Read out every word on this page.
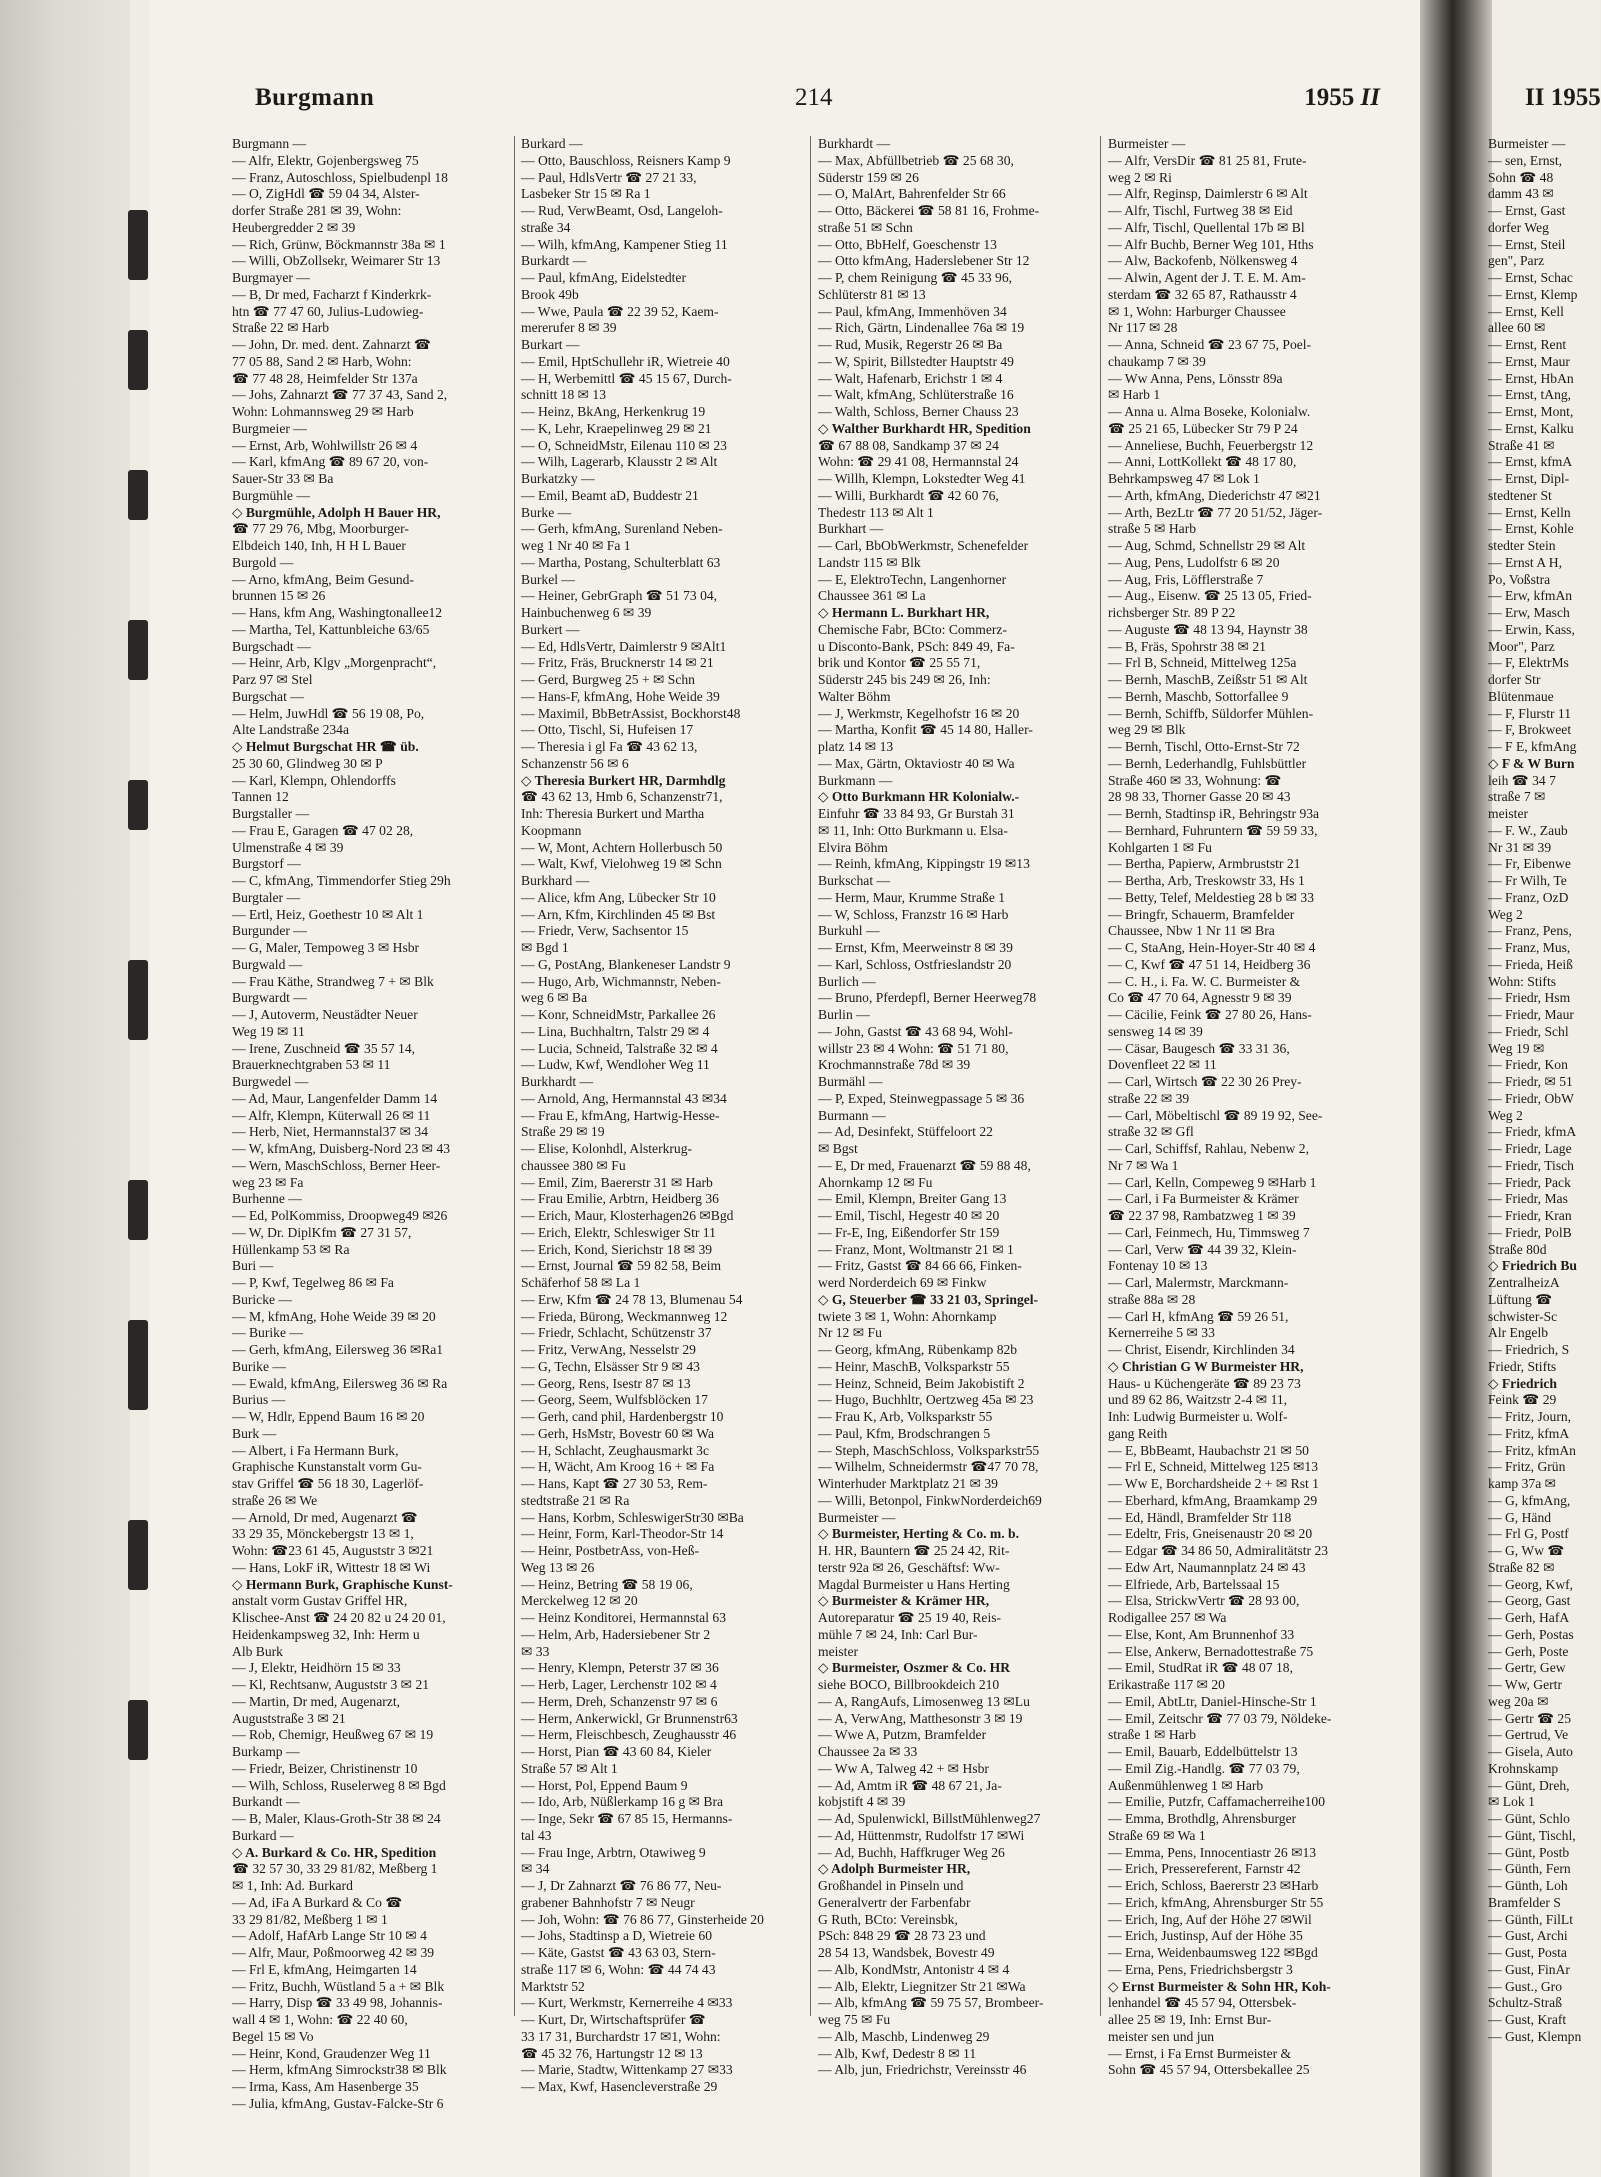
Burgmann	214	1955 II
Burgmann —
— Alfr, Elektr, Gojenbergsweg 75
— Franz, Autoschloss, Spielbudenpl 18
— O, ZigHdl ☎ 59 04 34, Alster-
dorfer Straße 281 ✉ 39, Wohn:
Heubergredder 2 ✉ 39
— Rich, Grünw, Böckmannstr 38a ✉ 1
— Willi, ObZollsekr, Weimarer Str 13
Burgmayer —
— B, Dr med, Facharzt f Kinderkrk-
htn ☎ 77 47 60, Julius-Ludowieg-
Straße 22 ✉ Harb
— John, Dr. med. dent. Zahnarzt ☎
77 05 88, Sand 2 ✉ Harb, Wohn:
☎ 77 48 28, Heimfelder Str 137a
— Johs, Zahnarzt ☎ 77 37 43, Sand 2,
Wohn: Lohmannsweg 29 ✉ Harb
Burgmeier —
— Ernst, Arb, Wohlwillstr 26 ✉ 4
— Karl, kfmAng ☎ 89 67 20, von-
Sauer-Str 33 ✉ Ba
Burgmühle —
◇ Burgmühle, Adolph H Bauer HR,
☎ 77 29 76, Mbg, Moorburger-
Elbdeich 140, Inh, H H L Bauer
Burgold —
— Arno, kfmAng, Beim Gesund-
brunnen 15 ✉ 26
— Hans, kfm Ang, Washingtonallee12
— Martha, Tel, Kattunbleiche 63/65
Burgschadt —
— Heinr, Arb, Klgv „Morgenpracht“,
Parz 97 ✉ Stel
Burgschat —
— Helm, JuwHdl ☎ 56 19 08, Po,
Alte Landstraße 234a
◇ Helmut Burgschat HR ☎ üb.
25 30 60, Glindweg 30 ✉ P
— Karl, Klempn, Ohlendorffs
Tannen 12
Burgstaller —
— Frau E, Garagen ☎ 47 02 28,
Ulmenstraße 4 ✉ 39
Burgstorf —
— C, kfmAng, Timmendorfer Stieg 29h
Burgtaler —
— Ertl, Heiz, Goethestr 10 ✉ Alt 1
Burgunder —
— G, Maler, Tempoweg 3 ✉ Hsbr
Burgwald —
— Frau Käthe, Strandweg 7 + ✉ Blk
Burgwardt —
— J, Autoverm, Neustädter Neuer
Weg 19 ✉ 11
— Irene, Zuschneid ☎ 35 57 14,
Brauerknechtgraben 53 ✉ 11
Burgwedel —
— Ad, Maur, Langenfelder Damm 14
— Alfr, Klempn, Küterwall 26 ✉ 11
— Herb, Niet, Hermannstal37 ✉ 34
— W, kfmAng, Duisberg-Nord 23 ✉ 43
— Wern, MaschSchloss, Berner Heer-
weg 23 ✉ Fa
Burhenne —
— Ed, PolKommiss, Droopweg49 ✉26
— W, Dr. DiplKfm ☎ 27 31 57,
Hüllenkamp 53 ✉ Ra
Buri —
— P, Kwf, Tegelweg 86 ✉ Fa
Buricke —
— M, kfmAng, Hohe Weide 39 ✉ 20
— Burike —
— Gerh, kfmAng, Eilersweg 36 ✉Ra1
Burike —
— Ewald, kfmAng, Eilersweg 36 ✉ Ra
Burius —
— W, Hdlr, Eppend Baum 16 ✉ 20
Burk —
— Albert, i Fa Hermann Burk,
Graphische Kunstanstalt vorm Gu-
stav Griffel ☎ 56 18 30, Lagerlöf-
straße 26 ✉ We
— Arnold, Dr med, Augenarzt ☎
33 29 35, Mönckebergstr 13 ✉ 1,
Wohn: ☎23 61 45, Auguststr 3 ✉21
— Hans, LokF iR, Wittestr 18 ✉ Wi
◇ Hermann Burk, Graphische Kunst-
anstalt vorm Gustav Griffel HR,
Klischee-Anst ☎ 24 20 82 u 24 20 01,
Heidenkampsweg 32, Inh: Herm u
Alb Burk
— J, Elektr, Heidhörn 15 ✉ 33
— Kl, Rechtsanw, Auguststr 3 ✉ 21
— Martin, Dr med, Augenarzt,
Auguststraße 3 ✉ 21
— Rob, Chemigr, Heußweg 67 ✉ 19
Burkamp —
— Friedr, Beizer, Christinenstr 10
— Wilh, Schloss, Ruselerweg 8 ✉ Bgd
Burkandt —
— B, Maler, Klaus-Groth-Str 38 ✉ 24
Burkard —
◇ A. Burkard & Co. HR, Spedition
☎ 32 57 30, 33 29 81/82, Meßberg 1
✉ 1, Inh: Ad. Burkard
— Ad, iFa A Burkard & Co ☎
33 29 81/82, Meßberg 1 ✉ 1
— Adolf, HafArb Lange Str 10 ✉ 4
— Alfr, Maur, Poßmoorweg 42 ✉ 39
— Frl E, kfmAng, Heimgarten 14
— Fritz, Buchh, Wüstland 5 a + ✉ Blk
— Harry, Disp ☎ 33 49 98, Johannis-
wall 4 ✉ 1, Wohn: ☎ 22 40 60,
Begel 15 ✉ Vo
— Heinr, Kond, Graudenzer Weg 11
— Herm, kfmAng Simrockstr38 ✉ Blk
— Irma, Kass, Am Hasenberge 35
— Julia, kfmAng, Gustav-Falcke-Str 6
Burkard —
— Otto, Bauschloss, Reisners Kamp 9
— Paul, HdlsVertr ☎ 27 21 33,
Lasbeker Str 15 ✉ Ra 1
— Rud, VerwBeamt, Osd, Langeloh-
straße 34
— Wilh, kfmAng, Kampener Stieg 11
Burkardt —
— Paul, kfmAng, Eidelstedter
Brook 49b
— Wwe, Paula ☎ 22 39 52, Kaem-
mererufer 8 ✉ 39
Burkart —
— Emil, HptSchullehr iR, Wietreie 40
— H, Werbemittl ☎ 45 15 67, Durch-
schnitt 18 ✉ 13
— Heinz, BkAng, Herkenkrug 19
— K, Lehr, Kraepelinweg 29 ✉ 21
— O, SchneidMstr, Eilenau 110 ✉ 23
— Wilh, Lagerarb, Klausstr 2 ✉ Alt
Burkatzky —
— Emil, Beamt aD, Buddestr 21
Burke —
— Gerh, kfmAng, Surenland Neben-
weg 1 Nr 40 ✉ Fa 1
— Martha, Postang, Schulterblatt 63
Burkel —
— Heiner, GebrGraph ☎ 51 73 04,
Hainbuchenweg 6 ✉ 39
Burkert —
— Ed, HdlsVertr, Daimlerstr 9 ✉Alt1
— Fritz, Fräs, Brucknerstr 14 ✉ 21
— Gerd, Burgweg 25 + ✉ Schn
— Hans-F, kfmAng, Hohe Weide 39
— Maximil, BbBetrAssist, Bockhorst48
— Otto, Tischl, Si, Hufeisen 17
— Theresia i gl Fa ☎ 43 62 13,
Schanzenstr 56 ✉ 6
◇ Theresia Burkert HR, Darmhdlg
☎ 43 62 13, Hmb 6, Schanzenstr71,
Inh: Theresia Burkert und Martha
Koopmann
— W, Mont, Achtern Hollerbusch 50
— Walt, Kwf, Vielohweg 19 ✉ Schn
Burkhard —
— Alice, kfm Ang, Lübecker Str 10
— Arn, Kfm, Kirchlinden 45 ✉ Bst
— Friedr, Verw, Sachsentor 15
✉ Bgd 1
— G, PostAng, Blankeneser Landstr 9
— Hugo, Arb, Wichmannstr, Neben-
weg 6 ✉ Ba
— Konr, SchneidMstr, Parkallee 26
— Lina, Buchhaltrn, Talstr 29 ✉ 4
— Lucia, Schneid, Talstraße 32 ✉ 4
— Ludw, Kwf, Wendloher Weg 11
Burkhardt —
— Arnold, Ang, Hermannstal 43 ✉34
— Frau E, kfmAng, Hartwig-Hesse-
Straße 29 ✉ 19
— Elise, Kolonhdl, Alsterkrug-
chaussee 380 ✉ Fu
— Emil, Zim, Baererstr 31 ✉ Harb
— Frau Emilie, Arbtrn, Heidberg 36
— Erich, Maur, Klosterhagen26 ✉Bgd
— Erich, Elektr, Schleswiger Str 11
— Erich, Kond, Sierichstr 18 ✉ 39
— Ernst, Journal ☎ 59 82 58, Beim
Schäferhof 58 ✉ La 1
— Erw, Kfm ☎ 24 78 13, Blumenau 54
— Frieda, Bürong, Weckmannweg 12
— Friedr, Schlacht, Schützenstr 37
— Fritz, VerwAng, Nesselstr 29
— G, Techn, Elsässer Str 9 ✉ 43
— Georg, Rens, Isestr 87 ✉ 13
— Georg, Seem, Wulfsblöcken 17
— Gerh, cand phil, Hardenbergstr 10
— Gerh, HsMstr, Bovestr 60 ✉ Wa
— H, Schlacht, Zeughausmarkt 3c
— H, Wächt, Am Kroog 16 + ✉ Fa
— Hans, Kapt ☎ 27 30 53, Rem-
stedtstraße 21 ✉ Ra
— Hans, Korbm, SchleswigerStr30 ✉Ba
— Heinr, Form, Karl-Theodor-Str 14
— Heinr, PostbetrAss, von-Heß-
Weg 13 ✉ 26
— Heinz, Betring ☎ 58 19 06,
Merckelweg 12 ✉ 20
— Heinz Konditorei, Hermannstal 63
— Helm, Arb, Hadersiebener Str 2
✉ 33
— Henry, Klempn, Peterstr 37 ✉ 36
— Herb, Lager, Lerchenstr 102 ✉ 4
— Herm, Dreh, Schanzenstr 97 ✉ 6
— Herm, Ankerwickl, Gr Brunnenstr63
— Herm, Fleischbesch, Zeughausstr 46
— Horst, Pian ☎ 43 60 84, Kieler
Straße 57 ✉ Alt 1
— Horst, Pol, Eppend Baum 9
— Ido, Arb, Nüßlerkamp 16 g ✉ Bra
— Inge, Sekr ☎ 67 85 15, Hermanns-
tal 43
— Frau Inge, Arbtrn, Otawiweg 9
✉ 34
— J, Dr Zahnarzt ☎ 76 86 77, Neu-
grabener Bahnhofstr 7 ✉ Neugr
— Joh, Wohn: ☎ 76 86 77, Ginsterheide 20
— Johs, Stadtinsp a D, Wietreie 60
— Käte, Gastst ☎ 43 63 03, Stern-
straße 117 ✉ 6, Wohn: ☎ 44 74 43
Marktstr 52
— Kurt, Werkmstr, Kernerreihe 4 ✉33
— Kurt, Dr, Wirtschaftsprüfer ☎
33 17 31, Burchardstr 17 ✉1, Wohn:
☎ 45 32 76, Hartungstr 12 ✉ 13
— Marie, Stadtw, Wittenkamp 27 ✉33
— Max, Kwf, Hasencleverstraße 29
Burkhardt —
— Max, Abfüllbetrieb ☎ 25 68 30,
Süderstr 159 ✉ 26
— O, MalArt, Bahrenfelder Str 66
— Otto, Bäckerei ☎ 58 81 16, Frohme-
straße 51 ✉ Schn
— Otto, BbHelf, Goeschenstr 13
— Otto kfmAng, Haderslebener Str 12
— P, chem Reinigung ☎ 45 33 96,
Schlüterstr 81 ✉ 13
— Paul, kfmAng, Immenhöven 34
— Rich, Gärtn, Lindenallee 76a ✉ 19
— Rud, Musik, Regerstr 26 ✉ Ba
— W, Spirit, Billstedter Hauptstr 49
— Walt, Hafenarb, Erichstr 1 ✉ 4
— Walt, kfmAng, Schlüterstraße 16
— Walth, Schloss, Berner Chauss 23
◇ Walther Burkhardt HR, Spedition
☎ 67 88 08, Sandkamp 37 ✉ 24
Wohn: ☎ 29 41 08, Hermannstal 24
— Willh, Klempn, Lokstedter Weg 41
— Willi, Burkhardt ☎ 42 60 76,
Thedestr 113 ✉ Alt 1
Burkhart —
— Carl, BbObWerkmstr, Schenefelder
Landstr 115 ✉ Blk
— E, ElektroTechn, Langenhorner
Chaussee 361 ✉ La
◇ Hermann L. Burkhart HR,
Chemische Fabr, BCto: Commerz-
u Disconto-Bank, PSch: 849 49, Fa-
brik und Kontor ☎ 25 55 71,
Süderstr 245 bis 249 ✉ 26, Inh:
Walter Böhm
— J, Werkmstr, Kegelhofstr 16 ✉ 20
— Martha, Konfit ☎ 45 14 80, Haller-
platz 14 ✉ 13
— Max, Gärtn, Oktaviostr 40 ✉ Wa
Burkmann —
◇ Otto Burkmann HR Kolonialw.-
Einfuhr ☎ 33 84 93, Gr Burstah 31
✉ 11, Inh: Otto Burkmann u. Elsa-
Elvira Böhm
— Reinh, kfmAng, Kippingstr 19 ✉13
Burkschat —
— Herm, Maur, Krumme Straße 1
— W, Schloss, Franzstr 16 ✉ Harb
Burkuhl —
— Ernst, Kfm, Meerweinstr 8 ✉ 39
— Karl, Schloss, Ostfrieslandstr 20
Burlich —
— Bruno, Pferdepfl, Berner Heerweg78
Burlin —
— John, Gastst ☎ 43 68 94, Wohl-
willstr 23 ✉ 4 Wohn: ☎ 51 71 80,
Krochmannstraße 78d ✉ 39
Burmähl —
— P, Exped, Steinwegpassage 5 ✉ 36
Burmann —
— Ad, Desinfekt, Stüffeloort 22
✉ Bgst
— E, Dr med, Frauenarzt ☎ 59 88 48,
Ahornkamp 12 ✉ Fu
— Emil, Klempn, Breiter Gang 13
— Emil, Tischl, Hegestr 40 ✉ 20
— Fr-E, Ing, Eißendorfer Str 159
— Franz, Mont, Woltmanstr 21 ✉ 1
— Fritz, Gastst ☎ 84 66 66, Finken-
werd Norderdeich 69 ✉ Finkw
◇ G, Steuerber ☎ 33 21 03, Springel-
twiete 3 ✉ 1, Wohn: Ahornkamp
Nr 12 ✉ Fu
— Georg, kfmAng, Rübenkamp 82b
— Heinr, MaschB, Volksparkstr 55
— Heinz, Schneid, Beim Jakobistift 2
— Hugo, Buchhltr, Oertzweg 45a ✉ 23
— Frau K, Arb, Volksparkstr 55
— Paul, Kfm, Brodschrangen 5
— Steph, MaschSchloss, Volksparkstr55
— Wilhelm, Schneidermstr ☎47 70 78,
Winterhuder Marktplatz 21 ✉ 39
— Willi, Betonpol, FinkwNorderdeich69
Burmeister —
◇ Burmeister, Herting & Co. m. b.
H. HR, Bauntern ☎ 25 24 42, Rit-
terstr 92a ✉ 26, Geschäftsf: Ww-
Magdal Burmeister u Hans Herting
◇ Burmeister & Krämer HR,
Autoreparatur ☎ 25 19 40, Reis-
mühle 7 ✉ 24, Inh: Carl Bur-
meister
◇ Burmeister, Oszmer & Co. HR
siehe BOCO, Billbrookdeich 210
— A, RangAufs, Limosenweg 13 ✉Lu
— A, VerwAng, Matthesonstr 3 ✉ 19
— Wwe A, Putzm, Bramfelder
Chaussee 2a ✉ 33
— Ww A, Talweg 42 + ✉ Hsbr
— Ad, Amtm iR ☎ 48 67 21, Ja-
kobjstift 4 ✉ 39
— Ad, Spulenwickl, BillstMühlenweg27
— Ad, Hüttenmstr, Rudolfstr 17 ✉Wi
— Ad, Buchh, Haffkruger Weg 26
◇ Adolph Burmeister HR,
Großhandel in Pinseln und
Generalvertr der Farbenfabr
G Ruth, BCto: Vereinsbk,
PSch: 848 29 ☎ 28 73 23 und
28 54 13, Wandsbek, Bovestr 49
— Alb, KondMstr, Antonistr 4 ✉ 4
— Alb, Elektr, Liegnitzer Str 21 ✉Wa
— Alb, kfmAng ☎ 59 75 57, Brombeer-
weg 75 ✉ Fu
— Alb, Maschb, Lindenweg 29
— Alb, Kwf, Dedestr 8 ✉ 11
— Alb, jun, Friedrichstr, Vereinsstr 46
Burmeister —
— Alfr, VersDir ☎ 81 25 81, Frute-
weg 2 ✉ Ri
— Alfr, Reginsp, Daimlerstr 6 ✉ Alt
— Alfr, Tischl, Furtweg 38 ✉ Eid
— Alfr, Tischl, Quellental 17b ✉ Bl
— Alfr Buchb, Berner Weg 101, Hths
— Alw, Backofenb, Nölkensweg 4
— Alwin, Agent der J. T. E. M. Am-
sterdam ☎ 32 65 87, Rathausstr 4
✉ 1, Wohn: Harburger Chaussee
Nr 117 ✉ 28
— Anna, Schneid ☎ 23 67 75, Poel-
chaukamp 7 ✉ 39
— Ww Anna, Pens, Lönsstr 89a
✉ Harb 1
— Anna u. Alma Boseke, Kolonialw.
☎ 25 21 65, Lübecker Str 79 P 24
— Anneliese, Buchh, Feuerbergstr 12
— Anni, LottKollekt ☎ 48 17 80,
Behrkampsweg 47 ✉ Lok 1
— Arth, kfmAng, Diederichstr 47 ✉21
— Arth, BezLtr ☎ 77 20 51/52, Jäger-
straße 5 ✉ Harb
— Aug, Schmd, Schnellstr 29 ✉ Alt
— Aug, Pens, Ludolfstr 6 ✉ 20
— Aug, Fris, Löfflerstraße 7
— Aug., Eisenw. ☎ 25 13 05, Fried-
richsberger Str. 89 P 22
— Auguste ☎ 48 13 94, Haynstr 38
— B, Fräs, Spohrstr 38 ✉ 21
— Frl B, Schneid, Mittelweg 125a
— Bernh, MaschB, Zeißstr 51 ✉ Alt
— Bernh, Maschb, Sottorfallee 9
— Bernh, Schiffb, Süldorfer Mühlen-
weg 29 ✉ Blk
— Bernh, Tischl, Otto-Ernst-Str 72
— Bernh, Lederhandlg, Fuhlsbüttler
Straße 460 ✉ 33, Wohnung: ☎
28 98 33, Thorner Gasse 20 ✉ 43
— Bernh, Stadtinsp iR, Behringstr 93a
— Bernhard, Fuhruntern ☎ 59 59 33,
Kohlgarten 1 ✉ Fu
— Bertha, Papierw, Armbruststr 21
— Bertha, Arb, Treskowstr 33, Hs 1
— Betty, Telef, Meldestieg 28 b ✉ 33
— Bringfr, Schauerm, Bramfelder
Chaussee, Nbw 1 Nr 11 ✉ Bra
— C, StaAng, Hein-Hoyer-Str 40 ✉ 4
— C, Kwf ☎ 47 51 14, Heidberg 36
— C. H., i. Fa. W. C. Burmeister &
Co ☎ 47 70 64, Agnesstr 9 ✉ 39
— Cäcilie, Feink ☎ 27 80 26, Hans-
sensweg 14 ✉ 39
— Cäsar, Baugesch ☎ 33 31 36,
Dovenfleet 22 ✉ 11
— Carl, Wirtsch ☎ 22 30 26 Prey-
straße 22 ✉ 39
— Carl, Möbeltischl ☎ 89 19 92, See-
straße 32 ✉ Gfl
— Carl, Schiffsf, Rahlau, Nebenw 2,
Nr 7 ✉ Wa 1
— Carl, Kelln, Compeweg 9 ✉Harb 1
— Carl, i Fa Burmeister & Krämer
☎ 22 37 98, Rambatzweg 1 ✉ 39
— Carl, Feinmech, Hu, Timmsweg 7
— Carl, Verw ☎ 44 39 32, Klein-
Fontenay 10 ✉ 13
— Carl, Malermstr, Marckmann-
straße 88a ✉ 28
— Carl H, kfmAng ☎ 59 26 51,
Kernerreihe 5 ✉ 33
— Christ, Eisendr, Kirchlinden 34
◇ Christian G W Burmeister HR,
Haus- u Küchengeräte ☎ 89 23 73
und 89 62 86, Waitzstr 2-4 ✉ 11,
Inh: Ludwig Burmeister u. Wolf-
gang Reith
— E, BbBeamt, Haubachstr 21 ✉ 50
— Frl E, Schneid, Mittelweg 125 ✉13
— Ww E, Borchardsheide 2 + ✉ Rst 1
— Eberhard, kfmAng, Braamkamp 29
— Ed, Händl, Bramfelder Str 118
— Edeltr, Fris, Gneisenaustr 20 ✉ 20
— Edgar ☎ 34 86 50, Admiralitätstr 23
— Edw Art, Naumannplatz 24 ✉ 43
— Elfriede, Arb, Bartelssaal 15
— Elsa, StrickwVertr ☎ 28 93 00,
Rodigallee 257 ✉ Wa
— Else, Kont, Am Brunnenhof 33
— Else, Ankerw, Bernadottestraße 75
— Emil, StudRat iR ☎ 48 07 18,
Erikastraße 117 ✉ 20
— Emil, AbtLtr, Daniel-Hinsche-Str 1
— Emil, Zeitschr ☎ 77 03 79, Nöldeke-
straße 1 ✉ Harb
— Emil, Bauarb, Eddelbüttelstr 13
— Emil Zig.-Handlg. ☎ 77 03 79,
Außenmühlenweg 1 ✉ Harb
— Emilie, Putzfr, Caffamacherreihe100
— Emma, Brothdlg, Ahrensburger
Straße 69 ✉ Wa 1
— Emma, Pens, Innocentiastr 26 ✉13
— Erich, Pressereferent, Farnstr 42
— Erich, Schloss, Baererstr 23 ✉Harb
— Erich, kfmAng, Ahrensburger Str 55
— Erich, Ing, Auf der Höhe 27 ✉Wil
— Erich, Justinsp, Auf der Höhe 35
— Erna, Weidenbaumsweg 122 ✉Bgd
— Erna, Pens, Friedrichsbergstr 3
◇ Ernst Burmeister & Sohn HR, Koh-
lenhandel ☎ 45 57 94, Ottersbek-
allee 25 ✉ 19, Inh: Ernst Bur-
meister sen und jun
— Ernst, i Fa Ernst Burmeister &
Sohn ☎ 45 57 94, Ottersbekallee 25
II 1955
Burmeister —
— sen, Ernst,
Sohn ☎ 48
damm 43 ✉
— Ernst, Gast
dorfer Weg
— Ernst, Steil
gen", Parz
— Ernst, Schac
— Ernst, Klemp
— Ernst, Kell
allee 60 ✉
— Ernst, Rent
— Ernst, Maur
— Ernst, HbAn
— Ernst, tAng,
— Ernst, Mont,
— Ernst, Kalku
Straße 41 ✉
— Ernst, kfmA
— Ernst, Dipl-
stedtener St
— Ernst, Kelln
— Ernst, Kohle
stedter Stein
— Ernst A H,
Po, Voßstra
— Erw, kfmAn
— Erw, Masch
— Erwin, Kass,
Moor", Parz
— F, ElektrMs
dorfer Str
Blütenmaue
— F, Flurstr 11
— F, Brokweet
— F E, kfmAng
◇ F & W Burn
leih ☎ 34 7
straße 7 ✉
meister
— F. W., Zaub
Nr 31 ✉ 39
— Fr, Eibenwe
— Fr Wilh, Te
— Franz, OzD
Weg 2
— Franz, Pens,
— Franz, Mus,
— Frieda, Heiß
Wohn: Stifts
— Friedr, Hsm
— Friedr, Maur
— Friedr, Schl
Weg 19 ✉
— Friedr, Kon
— Friedr, ✉ 51
— Friedr, ObW
Weg 2
— Friedr, kfmA
— Friedr, Lage
— Friedr, Tisch
— Friedr, Pack
— Friedr, Mas
— Friedr, Kran
— Friedr, PolB
Straße 80d
◇ Friedrich Bu
ZentralheizA
Lüftung ☎
schwister-Sc
Alr Engelb
— Friedrich, S
Friedr, Stifts
◇ Friedrich
Feink ☎ 29
— Fritz, Journ,
— Fritz, kfmA
— Fritz, kfmAn
— Fritz, Grün
kamp 37a ✉
— G, kfmAng,
— G, Händ
— Frl G, Postf
— G, Ww ☎
Straße 82 ✉
— Georg, Kwf,
— Georg, Gast
— Gerh, HafA
— Gerh, Postas
— Gerh, Poste
— Gertr, Gew
— Ww, Gertr
weg 20a ✉
— Gertr ☎ 25
— Gertrud, Ve
— Gisela, Auto
Krohnskamp
— Günt, Dreh,
✉ Lok 1
— Günt, Schlo
— Günt, Tischl,
— Günt, Postb
— Günth, Fern
— Günth, Loh
Bramfelder S
— Günth, FilLt
— Gust, Archi
— Gust, Posta
— Gust, FinAr
— Gust., Gro
Schultz-Straß
— Gust, Kraft
— Gust, Klempn
